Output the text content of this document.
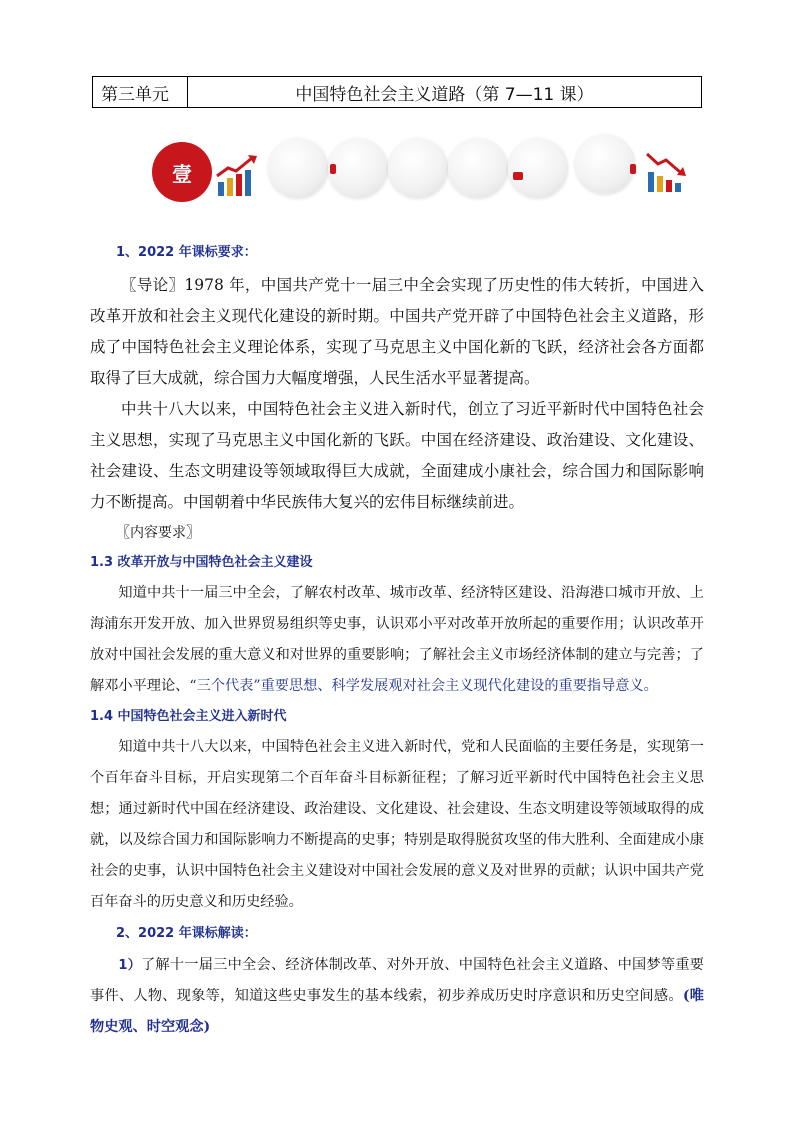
第三单元	中国特色社会主义道路（第 7—11 课）
壹

1、2022 年课标要求：

〖导论〗1978 年，中国共产党十一届三中全会实现了历史性的伟大转折，中国进入改革开放和社会主义现代化建设的新时期。中国共产党开辟了中国特色社会主义道路，形成了中国特色社会主义理论体系，实现了马克思主义中国化新的飞跃，经济社会各方面都取得了巨大成就，综合国力大幅度增强，人民生活水平显著提高。

中共十八大以来，中国特色社会主义进入新时代，创立了习近平新时代中国特色社会主义思想，实现了马克思主义中国化新的飞跃。中国在经济建设、政治建设、文化建设、社会建设、生态文明建设等领域取得巨大成就，全面建成小康社会，综合国力和国际影响力不断提高。中国朝着中华民族伟大复兴的宏伟目标继续前进。

〖内容要求〗

1.3 改革开放与中国特色社会主义建设

知道中共十一届三中全会，了解农村改革、城市改革、经济特区建设、沿海港口城市开放、上海浦东开发开放、加入世界贸易组织等史事，认识邓小平对改革开放所起的重要作用；认识改革开放对中国社会发展的重大意义和对世界的重要影响；了解社会主义市场经济体制的建立与完善；了解邓小平理论、“三个代表”重要思想、科学发展观对社会主义现代化建设的重要指导意义。

1.4 中国特色社会主义进入新时代

知道中共十八大以来，中国特色社会主义进入新时代，党和人民面临的主要任务是，实现第一个百年奋斗目标，开启实现第二个百年奋斗目标新征程；了解习近平新时代中国特色社会主义思想；通过新时代中国在经济建设、政治建设、文化建设、社会建设、生态文明建设等领域取得的成就，以及综合国力和国际影响力不断提高的史事；特别是取得脱贫攻坚的伟大胜利、全面建成小康社会的史事，认识中国特色社会主义建设对中国社会发展的意义及对世界的贡献；认识中国共产党百年奋斗的历史意义和历史经验。

2、2022 年课标解读：

1）了解十一届三中全会、经济体制改革、对外开放、中国特色社会主义道路、中国梦等重要事件、人物、现象等，知道这些史事发生的基本线索，初步养成历史时序意识和历史空间感。(唯物史观、时空观念)
